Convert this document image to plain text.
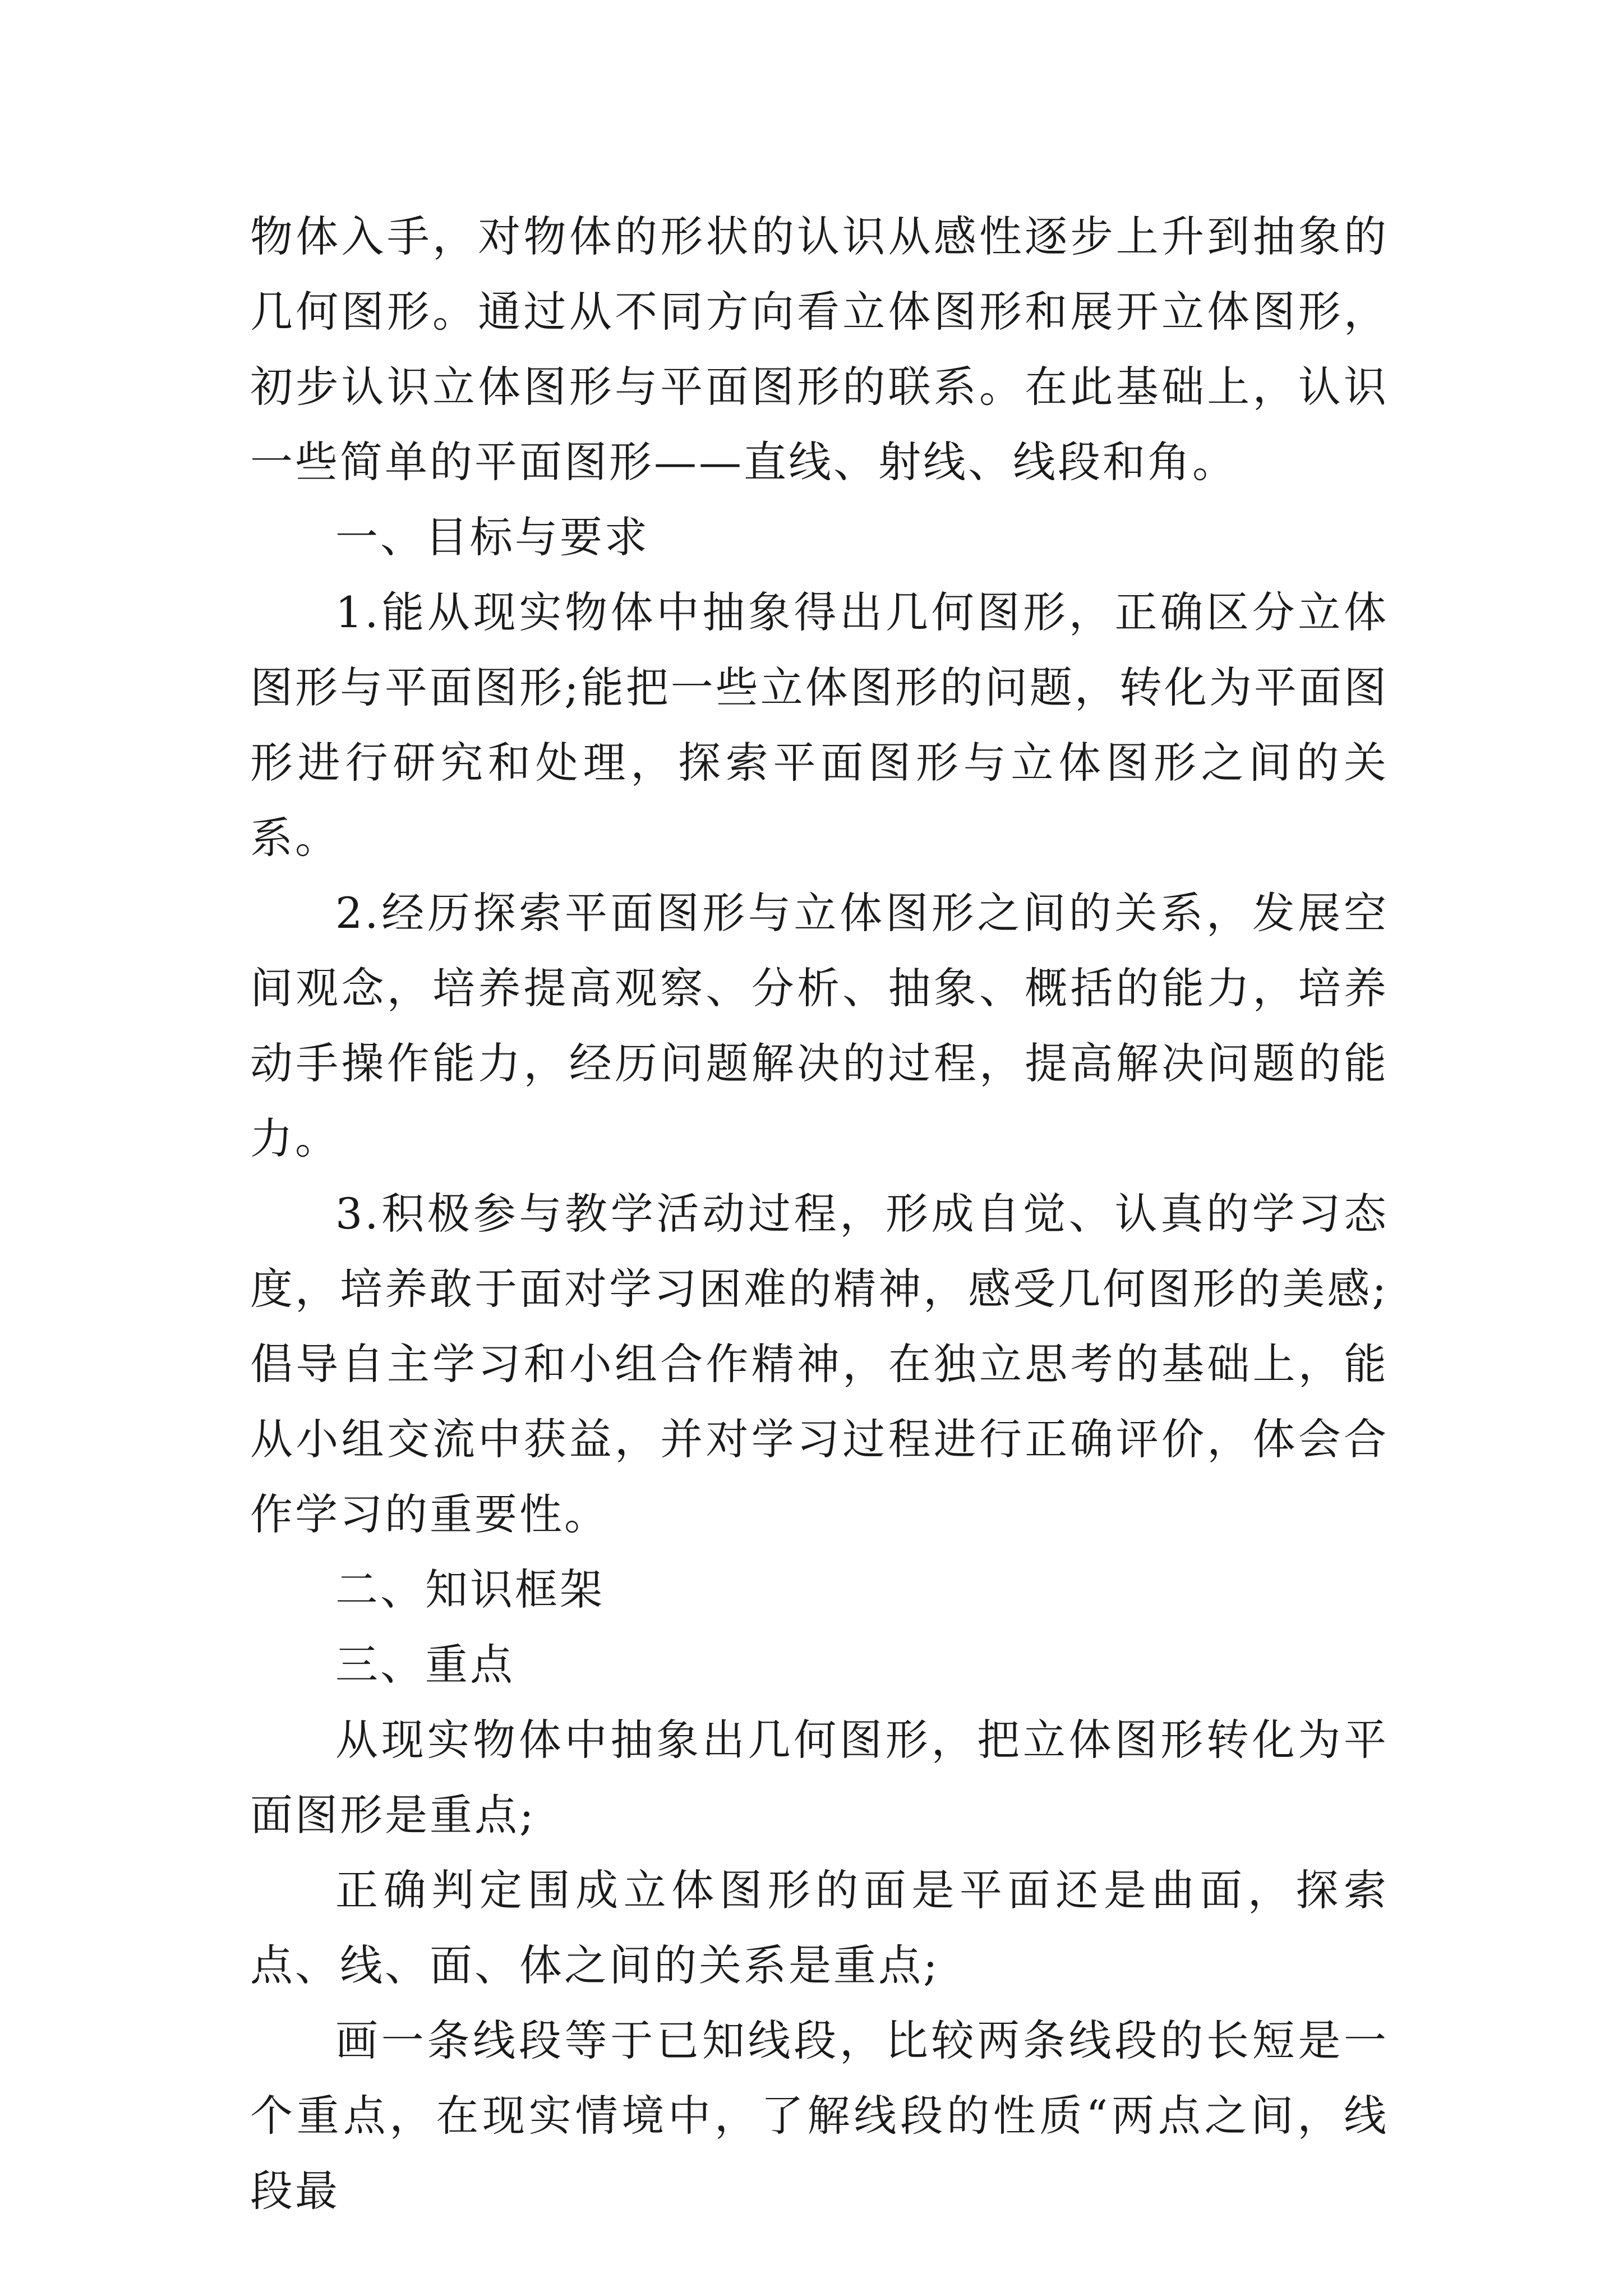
物体入手，对物体的形状的认识从感性逐步上升到抽象的几何图形。通过从不同方向看立体图形和展开立体图形，初步认识立体图形与平面图形的联系。在此基础上，认识一些简单的平面图形——直线、射线、线段和角。

一、目标与要求

1.能从现实物体中抽象得出几何图形，正确区分立体图形与平面图形;能把一些立体图形的问题，转化为平面图形进行研究和处理，探索平面图形与立体图形之间的关系。

2.经历探索平面图形与立体图形之间的关系，发展空间观念，培养提高观察、分析、抽象、概括的能力，培养动手操作能力，经历问题解决的过程，提高解决问题的能力。

3.积极参与教学活动过程，形成自觉、认真的学习态度，培养敢于面对学习困难的精神，感受几何图形的美感;倡导自主学习和小组合作精神，在独立思考的基础上，能从小组交流中获益，并对学习过程进行正确评价，体会合作学习的重要性。

二、知识框架

三、重点

从现实物体中抽象出几何图形，把立体图形转化为平面图形是重点;

正确判定围成立体图形的面是平面还是曲面，探索点、线、面、体之间的关系是重点;

画一条线段等于已知线段，比较两条线段的长短是一个重点，在现实情境中，了解线段的性质“两点之间，线段最
